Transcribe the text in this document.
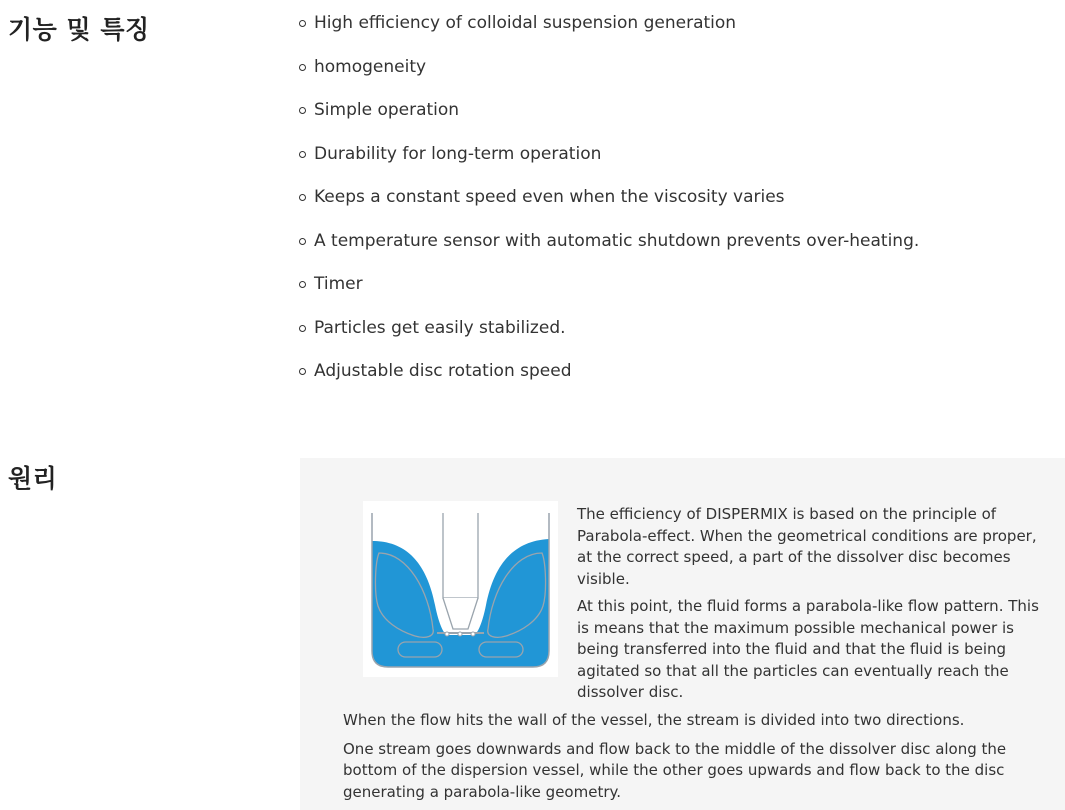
기능 및 특징	High efficiency of colloidal suspension generation
homogeneity
Simple operation
Durability for long-term operation
Keeps a constant speed even when the viscosity varies
A temperature sensor with automatic shutdown prevents over-heating.
Timer
Particles get easily stabilized.
Adjustable disc rotation speed
원리

The efficiency of DISPERMIX is based on the principle of Parabola-effect. When the geometrical conditions are proper, at the correct speed, a part of the dissolver disc becomes visible.

At this point, the fluid forms a parabola-like flow pattern. This is means that the maximum possible mechanical power is being transferred into the fluid and that the fluid is being agitated so that all the particles can eventually reach the dissolver disc.

When the flow hits the wall of the vessel, the stream is divided into two directions.

One stream goes downwards and flow back to the middle of the dissolver disc along the bottom of the dispersion vessel, while the other goes upwards and flow back to the disc generating a parabola-like geometry.
